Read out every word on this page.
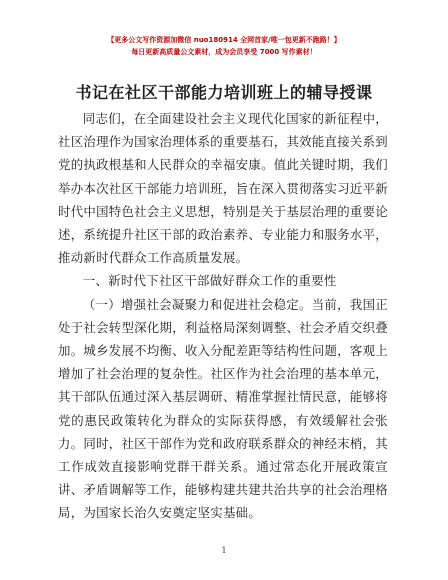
【更多公文写作资源加微信 nuo180914 全网首家/唯一包更新不跑路！】
每日更新高质量公文素材，成为会员享受 7000 写作素材！
书记在社区干部能力培训班上的辅导授课

同志们，在全面建设社会主义现代化国家的新征程中，社区治理作为国家治理体系的重要基石，其效能直接关系到党的执政根基和人民群众的幸福安康。值此关键时期，我们举办本次社区干部能力培训班，旨在深入贯彻落实习近平新时代中国特色社会主义思想，特别是关于基层治理的重要论述，系统提升社区干部的政治素养、专业能力和服务水平，推动新时代群众工作高质量发展。

一、新时代下社区干部做好群众工作的重要性

（一）增强社会凝聚力和促进社会稳定。当前，我国正处于社会转型深化期，利益格局深刻调整、社会矛盾交织叠加。城乡发展不均衡、收入分配差距等结构性问题，客观上增加了社会治理的复杂性。社区作为社会治理的基本单元，其干部队伍通过深入基层调研、精准掌握社情民意，能够将党的惠民政策转化为群众的实际获得感，有效缓解社会张力。同时，社区干部作为党和政府联系群众的神经末梢，其工作成效直接影响党群干群关系。通过常态化开展政策宣讲、矛盾调解等工作，能够构建共建共治共享的社会治理格局，为国家长治久安奠定坚实基础。

1
